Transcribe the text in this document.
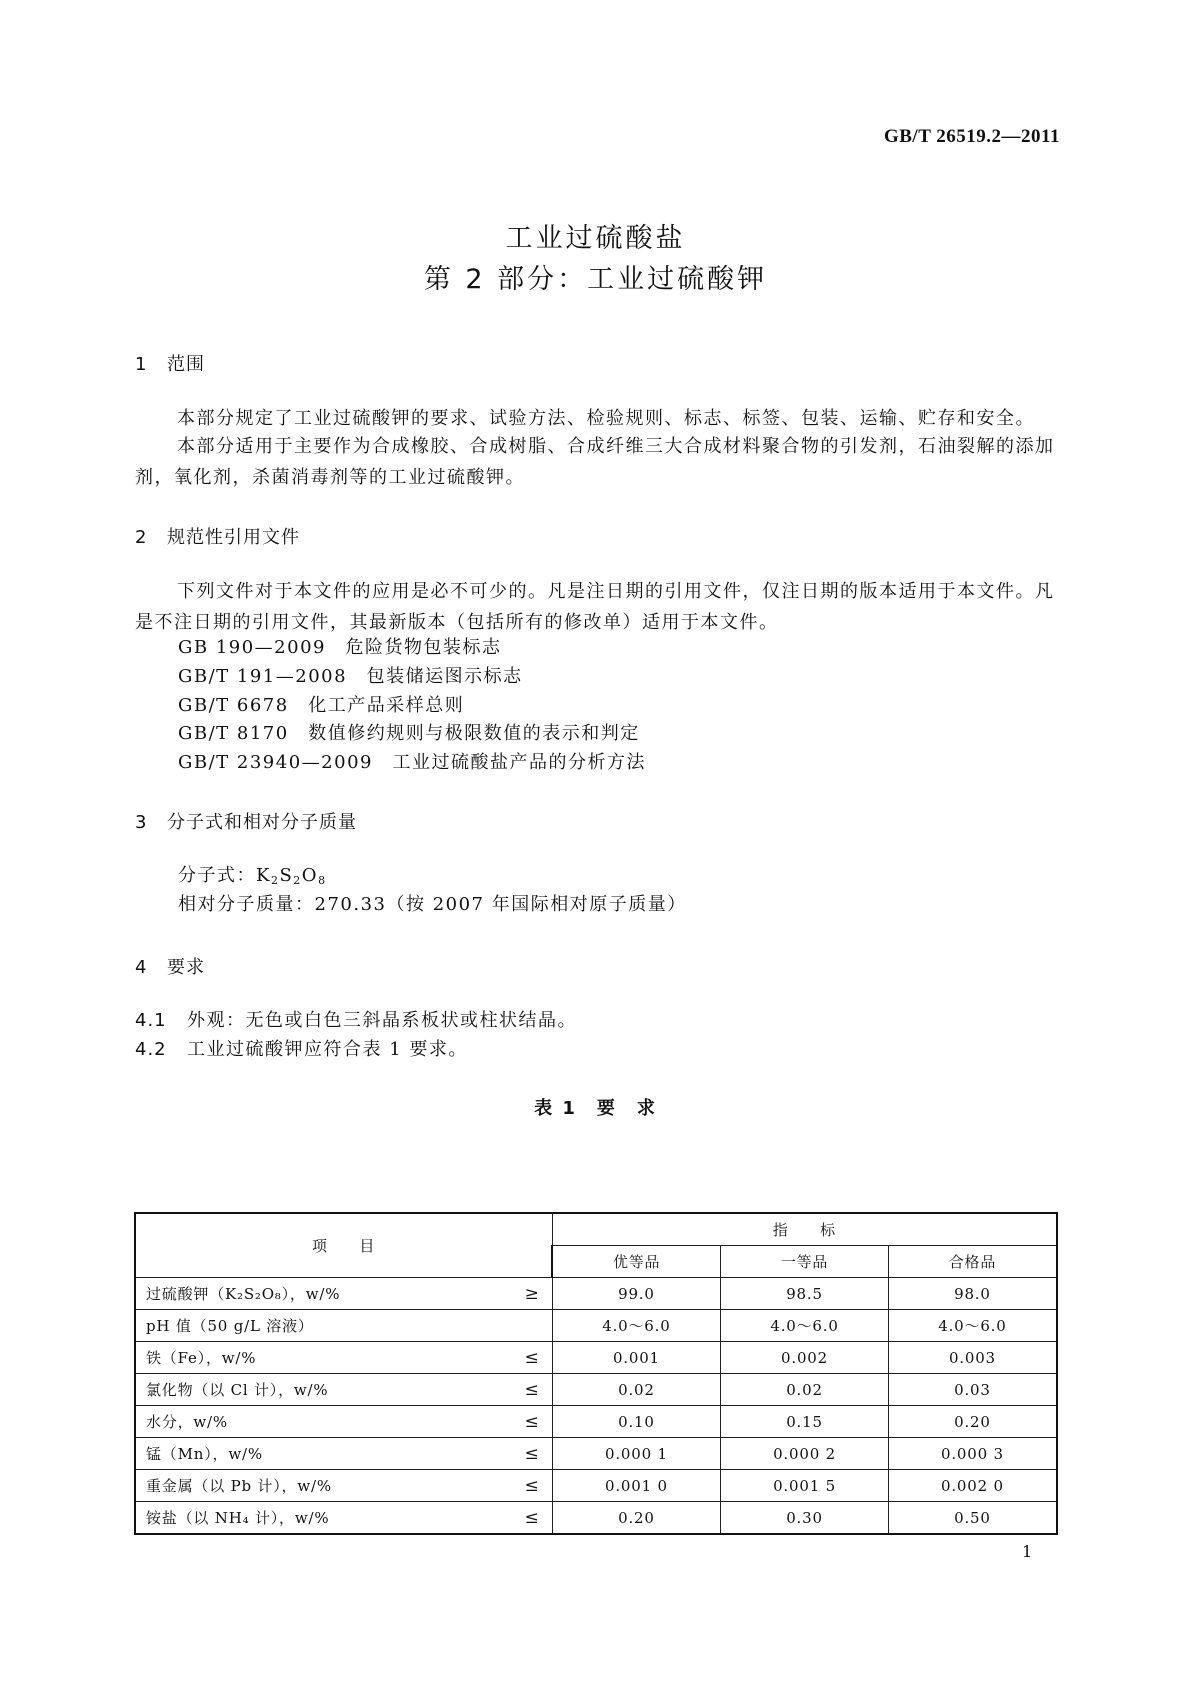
GB/T 26519.2—2011
工业过硫酸盐
第 2 部分：工业过硫酸钾
1 范围
本部分规定了工业过硫酸钾的要求、试验方法、检验规则、标志、标签、包装、运输、贮存和安全。
本部分适用于主要作为合成橡胶、合成树脂、合成纤维三大合成材料聚合物的引发剂，石油裂解的添加剂，氧化剂，杀菌消毒剂等的工业过硫酸钾。
2 规范性引用文件
下列文件对于本文件的应用是必不可少的。凡是注日期的引用文件，仅注日期的版本适用于本文件。凡是不注日期的引用文件，其最新版本（包括所有的修改单）适用于本文件。
GB 190—2009　 危险货物包装标志
GB/T 191—2008　 包装储运图示标志
GB/T 6678　 化工产品采样总则
GB/T 8170　 数值修约规则与极限数值的表示和判定
GB/T 23940—2009　 工业过硫酸盐产品的分析方法
3 分子式和相对分子质量
分子式：$K_2S_2O_8$
相对分子质量：270.33（按 2007 年国际相对原子质量）
4 要求
4.1 外观：无色或白色三斜晶系板状或柱状结晶。
4.2 工业过硫酸钾应符合表 1 要求。
表 1　要　求
项　　目	指　　标		
	优等品	一等品	合格品

过硫酸钾（K₂S₂O₈），w/% ≥	99.0	98.5	98.0

pH 值（50 g/L 溶液）	4.0～6.0	4.0～6.0	4.0～6.0

铁（Fe），w/% ≤	0.001	0.002	0.003

氯化物（以 Cl 计），w/% ≤	0.02	0.02	0.03

水分，w/% ≤	0.10	0.15	0.20

锰（Mn），w/% ≤	0.000 1	0.000 2	0.000 3

重金属（以 Pb 计），w/% ≤	0.001 0	0.001 5	0.002 0

铵盐（以 NH₄ 计），w/% ≤	0.20	0.30	0.50
1
